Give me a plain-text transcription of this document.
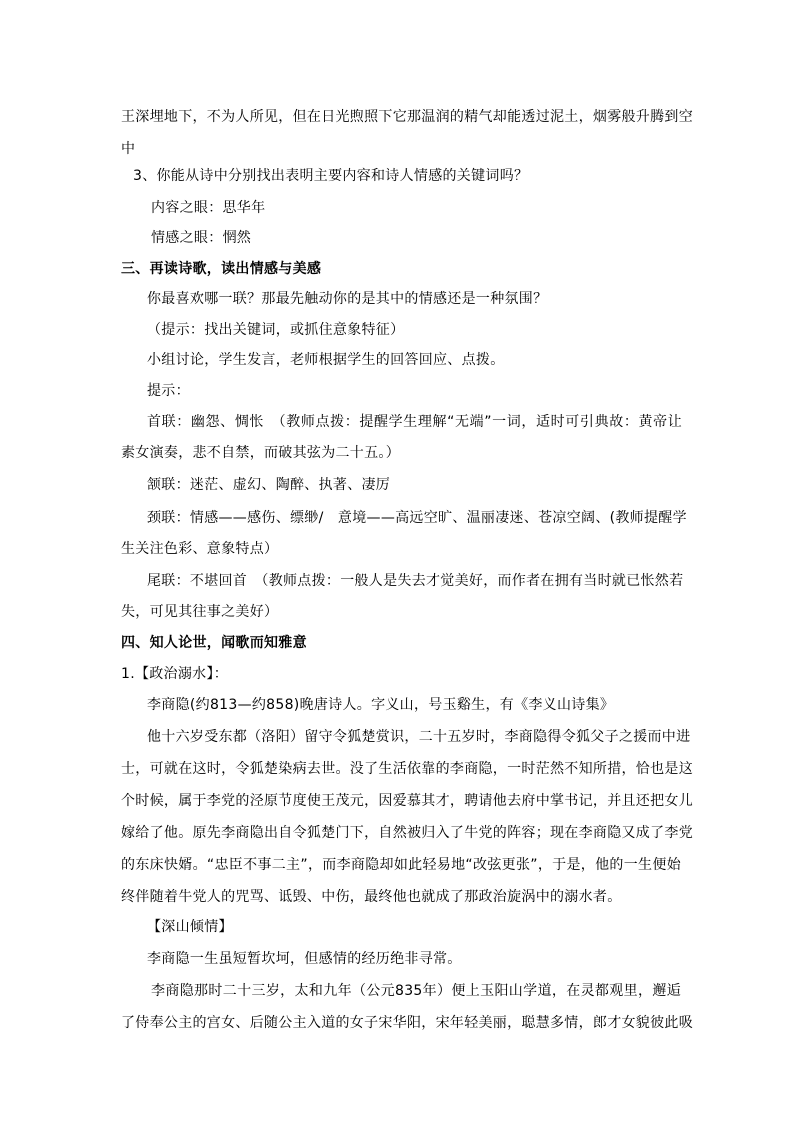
王深埋地下，不为人所见，但在日光煦照下它那温润的精气却能透过泥土，烟雾般升腾到空
中
3、你能从诗中分别找出表明主要内容和诗人情感的关键词吗？
内容之眼：思华年
情感之眼：惘然
三、再读诗歌，读出情感与美感
你最喜欢哪一联？那最先触动你的是其中的情感还是一种氛围？
（提示：找出关键词，或抓住意象特征）
小组讨论，学生发言，老师根据学生的回答回应、点拨。
提示：
首联：幽怨、惆怅　（教师点拨：提醒学生理解“无端”一词，适时可引典故：黄帝让
素女演奏，悲不自禁，而破其弦为二十五。）
颔联：迷茫、虚幻、陶醉、执著、凄厉
颈联：情感——感伤、缥缈/　意境——高远空旷、温丽凄迷、苍凉空阔、(教师提醒学
生关注色彩、意象特点）
尾联：不堪回首　（教师点拨：一般人是失去才觉美好，而作者在拥有当时就已怅然若
失，可见其往事之美好）
四、知人论世，闻歌而知雅意
1.【政治溺水】：
李商隐(约813—约858)晚唐诗人。字义山，号玉谿生，有《李义山诗集》
他十六岁受东都（洛阳）留守令狐楚赏识，二十五岁时，李商隐得令狐父子之援而中进
士，可就在这时，令狐楚染病去世。没了生活依靠的李商隐，一时茫然不知所措，恰也是这
个时候，属于李党的泾原节度使王茂元，因爱慕其才，聘请他去府中掌书记，并且还把女儿
嫁给了他。原先李商隐出自令狐楚门下，自然被归入了牛党的阵容；现在李商隐又成了李党
的东床快婿。“忠臣不事二主”，而李商隐却如此轻易地“改弦更张”，于是，他的一生便始
终伴随着牛党人的咒骂、诋毁、中伤，最终他也就成了那政治旋涡中的溺水者。
【深山倾情】
李商隐一生虽短暂坎坷，但感情的经历绝非寻常。
李商隐那时二十三岁，太和九年（公元835年）便上玉阳山学道，在灵都观里，邂逅
了侍奉公主的宫女、后随公主入道的女子宋华阳，宋年轻美丽，聪慧多情，郎才女貌彼此吸
